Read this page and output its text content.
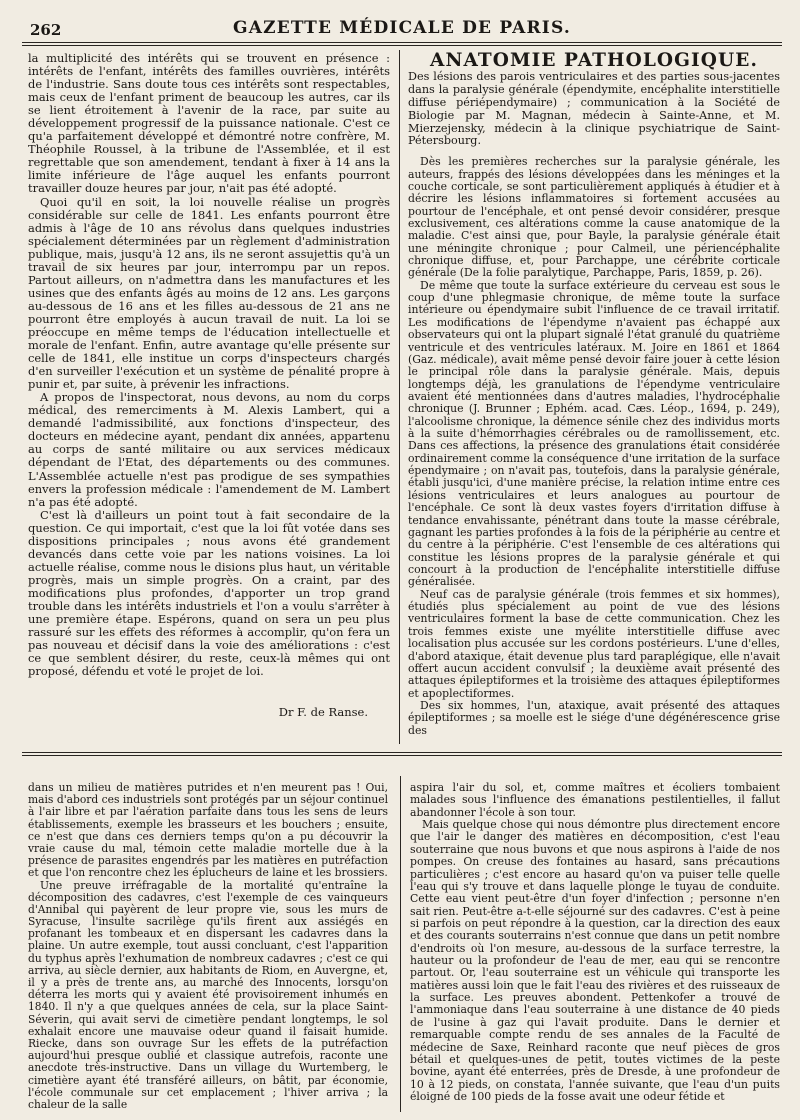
262	GAZETTE MÉDICALE DE PARIS.

la multiplicité des intérêts qui se trouvent en présence : intérêts de l'enfant, intérêts des familles ouvrières, intérêts de l'industrie. Sans doute tous ces intérêts sont respectables, mais ceux de l'enfant priment de beaucoup les autres, car ils se lient étroitement à l'avenir de la race, par suite au développement progressif de la puissance nationale. C'est ce qu'a parfaitement développé et démontré notre confrère, M. Théophile Roussel, à la tribune de l'Assemblée, et il est regrettable que son amendement, tendant à fixer à 14 ans la limite inférieure de l'âge auquel les enfants pourront travailler douze heures par jour, n'ait pas été adopté.

Quoi qu'il en soit, la loi nouvelle réalise un progrès considérable sur celle de 1841. Les enfants pourront être admis à l'âge de 10 ans révolus dans quelques industries spécialement déterminées par un règlement d'administration publique, mais, jusqu'à 12 ans, ils ne seront assujettis qu'à un travail de six heures par jour, interrompu par un repos. Partout ailleurs, on n'admettra dans les manufactures et les usines que des enfants âgés au moins de 12 ans. Les garçons au-dessous de 16 ans et les filles au-dessous de 21 ans ne pourront être employés à aucun travail de nuit. La loi se préoccupe en même temps de l'éducation intellectuelle et morale de l'enfant. Enfin, autre avantage qu'elle présente sur celle de 1841, elle institue un corps d'inspecteurs chargés d'en surveiller l'exécution et un système de pénalité propre à punir et, par suite, à prévenir les infractions.

A propos de l'inspectorat, nous devons, au nom du corps médical, des remerciments à M. Alexis Lambert, qui a demandé l'admissibilité, aux fonctions d'inspecteur, des docteurs en médecine ayant, pendant dix années, appartenu au corps de santé militaire ou aux services médicaux dépendant de l'Etat, des départements ou des communes. L'Assemblée actuelle n'est pas prodigue de ses sympathies envers la profession médicale : l'amendement de M. Lambert n'a pas été adopté.

C'est là d'ailleurs un point tout à fait secondaire de la question. Ce qui importait, c'est que la loi fût votée dans ses dispositions principales ; nous avons été grandement devancés dans cette voie par les nations voisines. La loi actuelle réalise, comme nous le disions plus haut, un véritable progrès, mais un simple progrès. On a craint, par des modifications plus profondes, d'apporter un trop grand trouble dans les intérêts industriels et l'on a voulu s'arrêter à une première étape. Espérons, quand on sera un peu plus rassuré sur les effets des réformes à accomplir, qu'on fera un pas nouveau et décisif dans la voie des améliorations : c'est ce que semblent désirer, du reste, ceux-là mêmes qui ont proposé, défendu et voté le projet de loi.

Dr F. de Ranse.

ANATOMIE PATHOLOGIQUE.

Des lésions des parois ventriculaires et des parties sous-jacentes dans la paralysie générale (épendymite, encéphalite interstitielle diffuse périépendymaire) ; communication à la Société de Biologie par M. Magnan, médecin à Sainte-Anne, et M. Mierzejensky, médecin à la clinique psychiatrique de Saint-Pétersbourg.

Dès les premières recherches sur la paralysie générale, les auteurs, frappés des lésions développées dans les méninges et la couche corticale, se sont particulièrement appliqués à étudier et à décrire les lésions inflammatoires si fortement accusées au pourtour de l'encéphale, et ont pensé devoir considérer, presque exclusivement, ces altérations comme la cause anatomique de la maladie. C'est ainsi que, pour Bayle, la paralysie générale était une méningite chronique ; pour Calmeil, une périencéphalite chronique diffuse, et, pour Parchappe, une cérébrite corticale générale (De la folie paralytique, Parchappe, Paris, 1859, p. 26).

De même que toute la surface extérieure du cerveau est sous le coup d'une phlegmasie chronique, de même toute la surface intérieure ou épendymaire subit l'influence de ce travail irritatif. Les modifications de l'épendyme n'avaient pas échappé aux observateurs qui ont la plupart signalé l'état granulé du quatrième ventricule et des ventricules latéraux. M. Joire en 1861 et 1864 (Gaz. médicale), avait même pensé devoir faire jouer à cette lésion le principal rôle dans la paralysie générale. Mais, depuis longtemps déjà, les granulations de l'épendyme ventriculaire avaient été mentionnées dans d'autres maladies, l'hydrocéphalie chronique (J. Brunner ; Ephém. acad. Cæs. Léop., 1694, p. 249), l'alcoolisme chronique, la démence sénile chez des individus morts à la suite d'hémorrhagies cérébrales ou de ramollissement, etc. Dans ces affections, la présence des granulations était considérée ordinairement comme la conséquence d'une irritation de la surface épendymaire ; on n'avait pas, toutefois, dans la paralysie générale, établi jusqu'ici, d'une manière précise, la relation intime entre ces lésions ventriculaires et leurs analogues au pourtour de l'encéphale. Ce sont là deux vastes foyers d'irritation diffuse à tendance envahissante, pénétrant dans toute la masse cérébrale, gagnant les parties profondes à la fois de la périphérie au centre et du centre à la périphérie. C'est l'ensemble de ces altérations qui constitue les lésions propres de la paralysie générale et qui concourt à la production de l'encéphalite interstitielle diffuse généralisée.

Neuf cas de paralysie générale (trois femmes et six hommes), étudiés plus spécialement au point de vue des lésions ventriculaires forment la base de cette communication. Chez les trois femmes existe une myélite interstitielle diffuse avec localisation plus accusée sur les cordons postérieurs. L'une d'elles, d'abord ataxique, était devenue plus tard paraplégique, elle n'avait offert aucun accident convulsif ; la deuxième avait présenté des attaques épileptiformes et la troisième des attaques épileptiformes et apoplectiformes.

Des six hommes, l'un, ataxique, avait présenté des attaques épileptiformes ; sa moelle est le siége d'une dégénérescence grise des

dans un milieu de matières putrides et n'en meurent pas ! Oui, mais d'abord ces industriels sont protégés par un séjour continuel à l'air libre et par l'aération parfaite dans tous les sens de leurs établissements, exemple les brasseurs et les bouchers ; ensuite, ce n'est que dans ces derniers temps qu'on a pu découvrir la vraie cause du mal, témoin cette maladie mortelle due à la présence de parasites engendrés par les matières en putréfaction et que l'on rencontre chez les éplucheurs de laine et les brossiers.

Une preuve irréfragable de la mortalité qu'entraîne la décomposition des cadavres, c'est l'exemple de ces vainqueurs d'Annibal qui payèrent de leur propre vie, sous les murs de Syracuse, l'insulte sacrilège qu'ils firent aux assiégés en profanant les tombeaux et en dispersant les cadavres dans la plaine. Un autre exemple, tout aussi concluant, c'est l'apparition du typhus après l'exhumation de nombreux cadavres ; c'est ce qui arriva, au siècle dernier, aux habitants de Riom, en Auvergne, et, il y a près de trente ans, au marché des Innocents, lorsqu'on déterra les morts qui y avaient été provisoirement inhumés en 1840. Il n'y a que quelques années de cela, sur la place Saint-Séverin, qui avait servi de cimetière pendant longtemps, le sol exhalait encore une mauvaise odeur quand il faisait humide. Riecke, dans son ouvrage Sur les effets de la putréfaction aujourd'hui presque oublié et classique autrefois, raconte une anecdote très-instructive. Dans un village du Wurtemberg, le cimetière ayant été transféré ailleurs, on bâtit, par économie, l'école communale sur cet emplacement ; l'hiver arriva ; la chaleur de la salle

aspira l'air du sol, et, comme maîtres et écoliers tombaient malades sous l'influence des émanations pestilentielles, il fallut abandonner l'école à son tour.

Mais quelque chose qui nous démontre plus directement encore que l'air le danger des matières en décomposition, c'est l'eau souterraine que nous buvons et que nous aspirons à l'aide de nos pompes. On creuse des fontaines au hasard, sans précautions particulières ; c'est encore au hasard qu'on va puiser telle quelle l'eau qui s'y trouve et dans laquelle plonge le tuyau de conduite. Cette eau vient peut-être d'un foyer d'infection ; personne n'en sait rien. Peut-être a-t-elle séjourné sur des cadavres. C'est à peine si parfois on peut répondre à la question, car la direction des eaux et des courants souterrains n'est connue que dans un petit nombre d'endroits où l'on mesure, au-dessous de la surface terrestre, la hauteur ou la profondeur de l'eau de mer, eau qui se rencontre partout. Or, l'eau souterraine est un véhicule qui transporte les matières aussi loin que le fait l'eau des rivières et des ruisseaux de la surface. Les preuves abondent. Pettenkofer a trouvé de l'ammoniaque dans l'eau souterraine à une distance de 40 pieds de l'usine à gaz qui l'avait produite. Dans le dernier et remarquable compte rendu de ses annales de la Faculté de médecine de Saxe, Reinhard raconte que neuf pièces de gros bétail et quelques-unes de petit, toutes victimes de la peste bovine, ayant été enterrées, près de Dresde, à une profondeur de 10 à 12 pieds, on constata, l'année suivante, que l'eau d'un puits éloigné de 100 pieds de la fosse avait une odeur fétide et
